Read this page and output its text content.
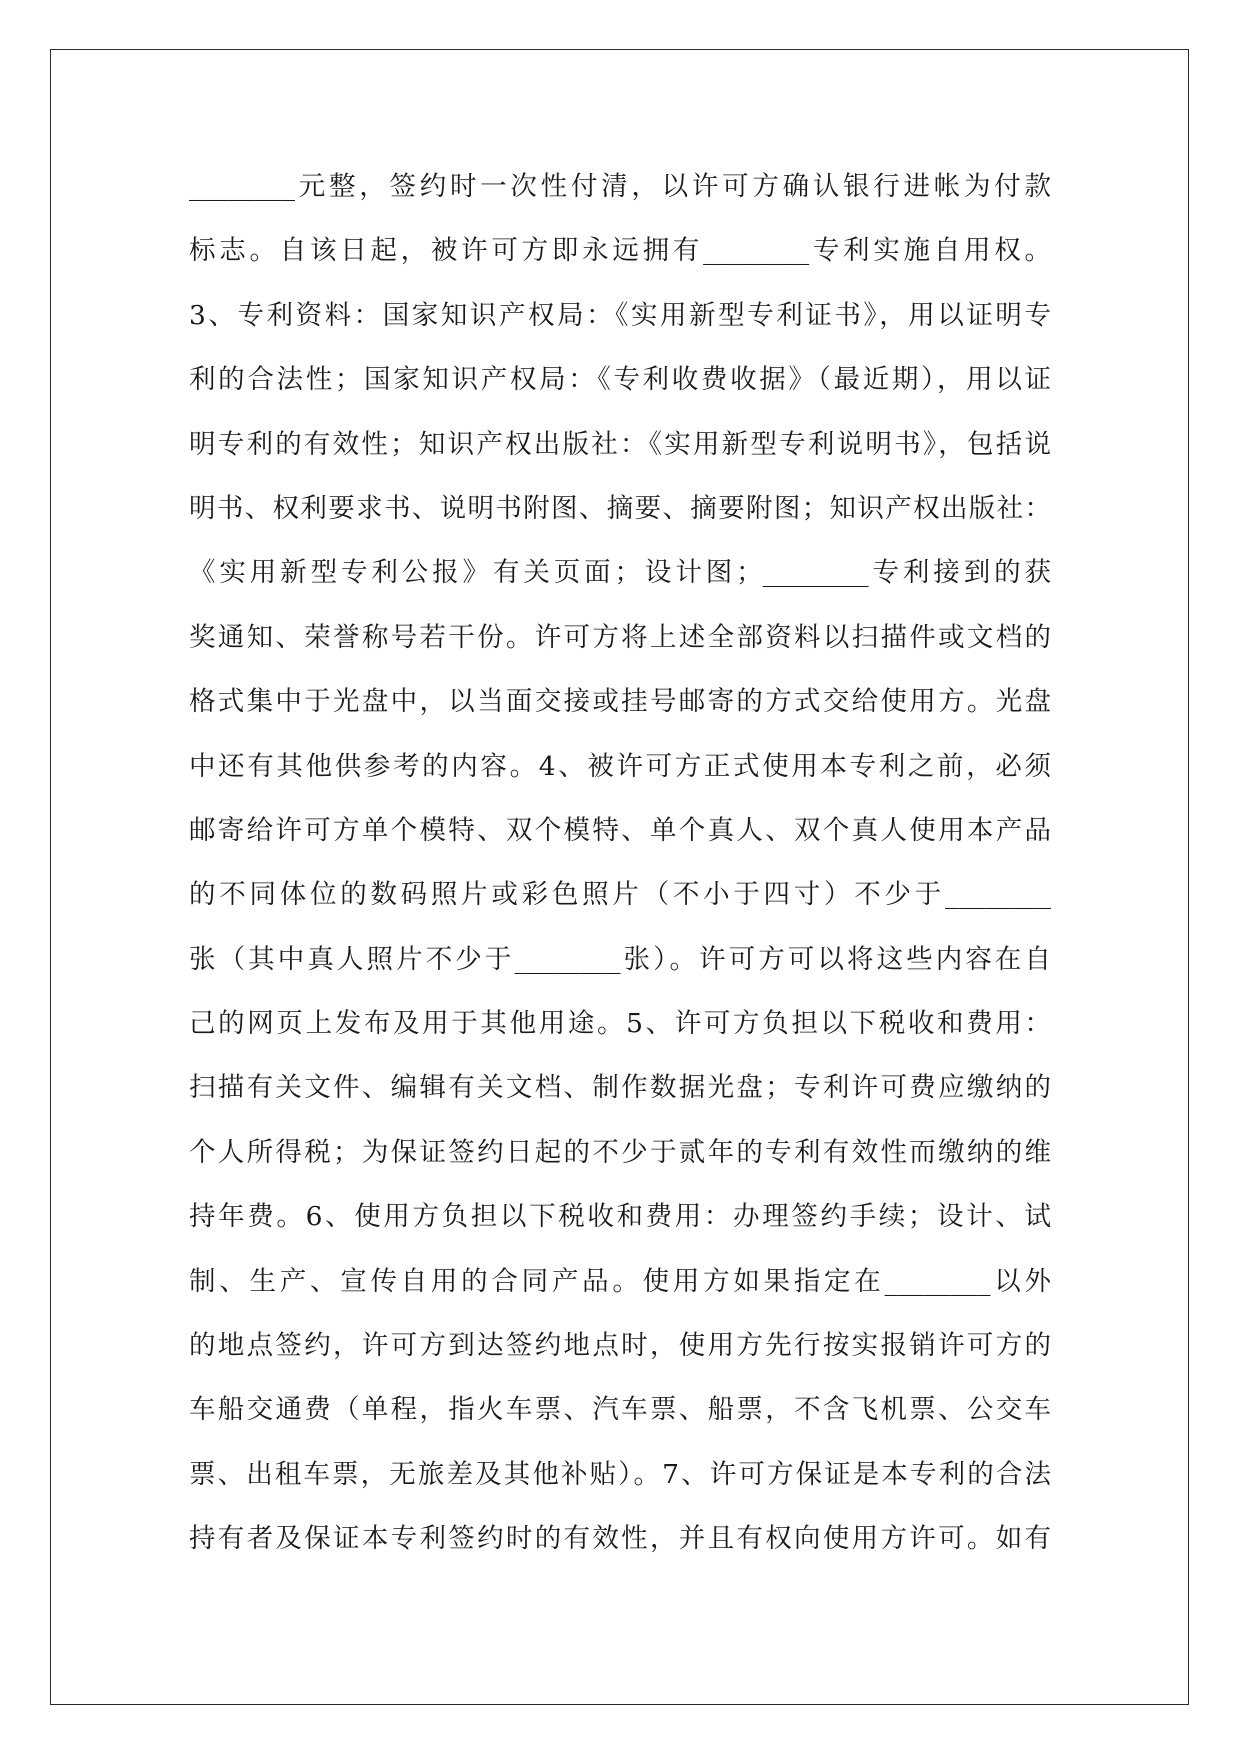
________元整，签约时一次性付清，以许可方确认银行进帐为付款
标志。自该日起，被许可方即永远拥有________专利实施自用权。
3、专利资料：国家知识产权局：《实用新型专利证书》，用以证明专
利的合法性；国家知识产权局：《专利收费收据》（最近期），用以证
明专利的有效性；知识产权出版社：《实用新型专利说明书》，包括说
明书、权利要求书、说明书附图、摘要、摘要附图；知识产权出版社：
《实用新型专利公报》有关页面；设计图；________专利接到的获
奖通知、荣誉称号若干份。许可方将上述全部资料以扫描件或文档的
格式集中于光盘中，以当面交接或挂号邮寄的方式交给使用方。光盘
中还有其他供参考的内容。4、被许可方正式使用本专利之前，必须
邮寄给许可方单个模特、双个模特、单个真人、双个真人使用本产品
的不同体位的数码照片或彩色照片（不小于四寸）不少于________
张（其中真人照片不少于________张）。许可方可以将这些内容在自
己的网页上发布及用于其他用途。5、许可方负担以下税收和费用：
扫描有关文件、编辑有关文档、制作数据光盘；专利许可费应缴纳的
个人所得税；为保证签约日起的不少于贰年的专利有效性而缴纳的维
持年费。6、使用方负担以下税收和费用：办理签约手续；设计、试
制、生产、宣传自用的合同产品。使用方如果指定在________以外
的地点签约，许可方到达签约地点时，使用方先行按实报销许可方的
车船交通费（单程，指火车票、汽车票、船票，不含飞机票、公交车
票、出租车票，无旅差及其他补贴）。7、许可方保证是本专利的合法
持有者及保证本专利签约时的有效性，并且有权向使用方许可。如有
